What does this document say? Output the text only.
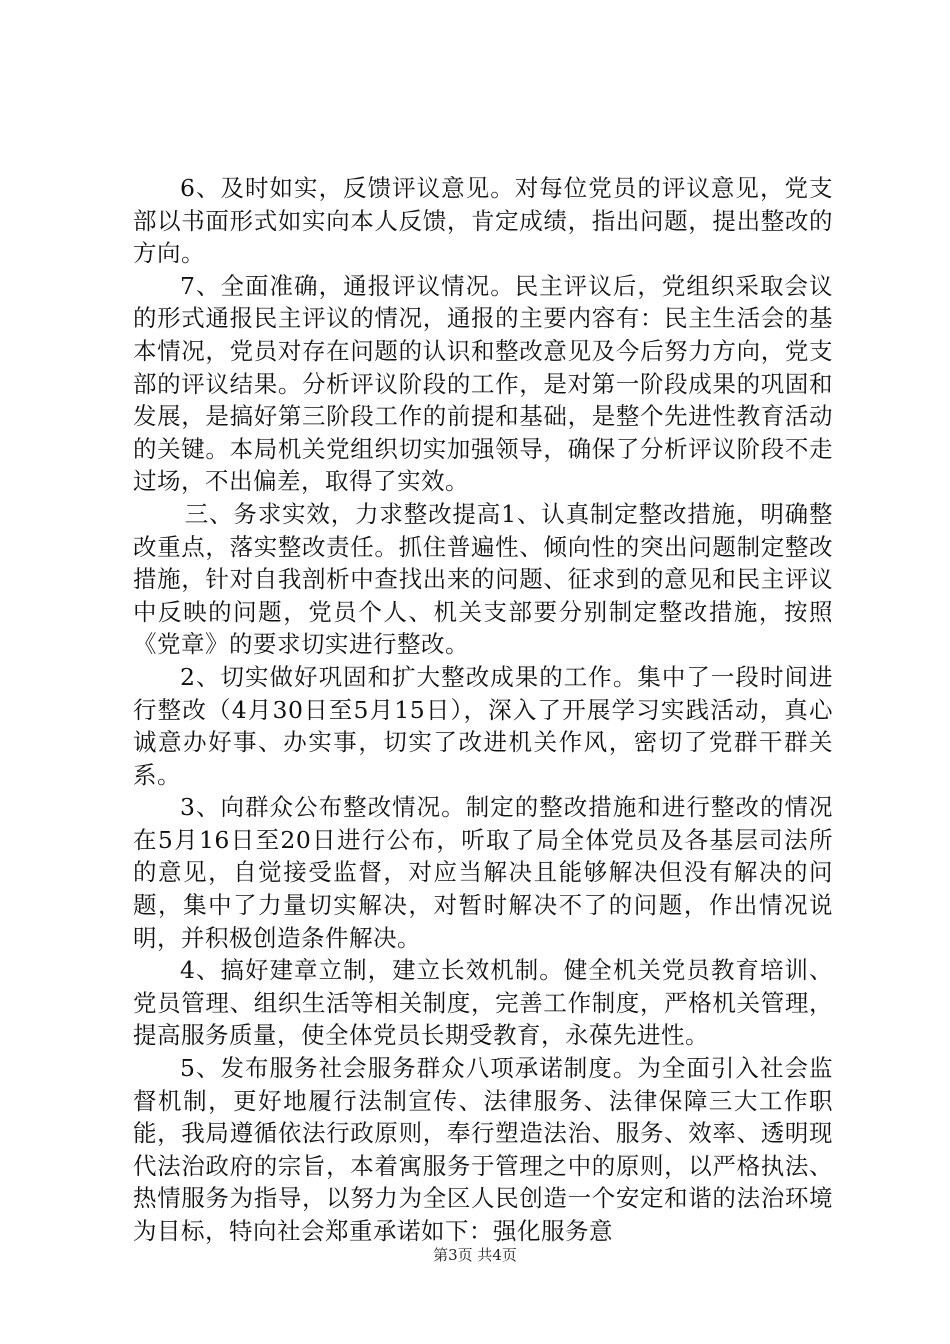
6、及时如实，反馈评议意见。对每位党员的评议意见，党支部以书面形式如实向本人反馈，肯定成绩，指出问题，提出整改的方向。

7、全面准确，通报评议情况。民主评议后，党组织采取会议的形式通报民主评议的情况，通报的主要内容有：民主生活会的基本情况，党员对存在问题的认识和整改意见及今后努力方向，党支部的评议结果。分析评议阶段的工作，是对第一阶段成果的巩固和发展，是搞好第三阶段工作的前提和基础，是整个先进性教育活动的关键。本局机关党组织切实加强领导，确保了分析评议阶段不走过场，不出偏差，取得了实效。

三、务求实效，力求整改提高1、认真制定整改措施，明确整改重点，落实整改责任。抓住普遍性、倾向性的突出问题制定整改措施，针对自我剖析中查找出来的问题、征求到的意见和民主评议中反映的问题，党员个人、机关支部要分别制定整改措施，按照《党章》的要求切实进行整改。

2、切实做好巩固和扩大整改成果的工作。集中了一段时间进行整改（4月30日至5月15日），深入了开展学习实践活动，真心诚意办好事、办实事，切实了改进机关作风，密切了党群干群关系。

3、向群众公布整改情况。制定的整改措施和进行整改的情况在5月16日至20日进行公布，听取了局全体党员及各基层司法所的意见，自觉接受监督，对应当解决且能够解决但没有解决的问题，集中了力量切实解决，对暂时解决不了的问题，作出情况说明，并积极创造条件解决。

4、搞好建章立制，建立长效机制。健全机关党员教育培训、党员管理、组织生活等相关制度，完善工作制度，严格机关管理，提高服务质量，使全体党员长期受教育，永葆先进性。

5、发布服务社会服务群众八项承诺制度。为全面引入社会监督机制，更好地履行法制宣传、法律服务、法律保障三大工作职能，我局遵循依法行政原则，奉行塑造法治、服务、效率、透明现代法治政府的宗旨，本着寓服务于管理之中的原则，以严格执法、热情服务为指导，以努力为全区人民创造一个安定和谐的法治环境为目标，特向社会郑重承诺如下：强化服务意

第3页 共4页
